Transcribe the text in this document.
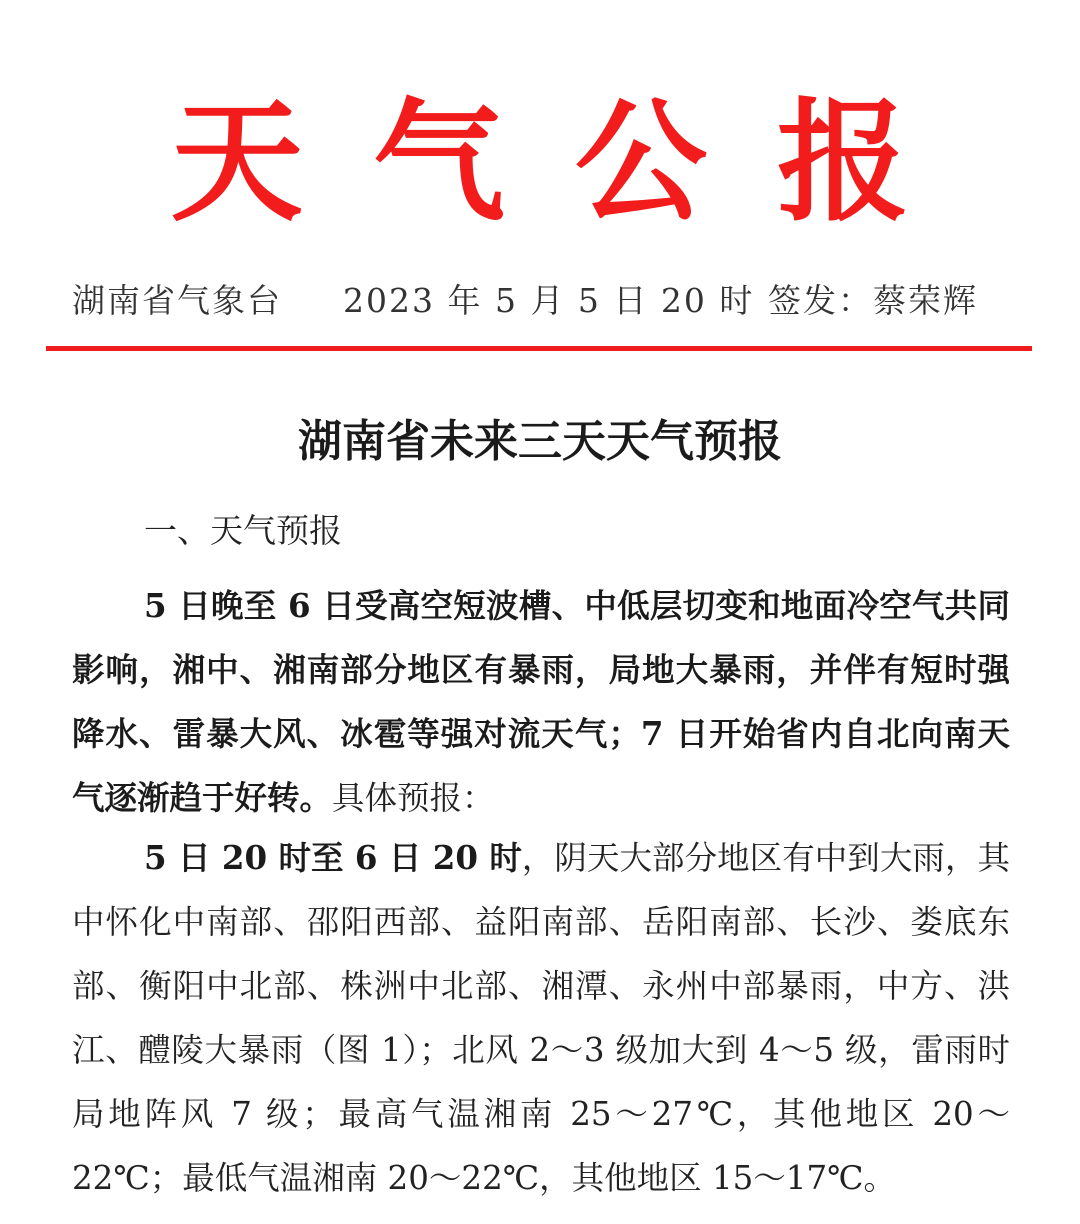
天气公报
湖南省气象台 2023 年 5 月 5 日 20 时 签发：蔡荣辉
湖南省未来三天天气预报
一、天气预报

5 日晚至 6 日受高空短波槽、中低层切变和地面冷空气共同影响，湘中、湘南部分地区有暴雨，局地大暴雨，并伴有短时强降水、雷暴大风、冰雹等强对流天气；7 日开始省内自北向南天气逐渐趋于好转。具体预报：

5 日 20 时至 6 日 20 时，阴天大部分地区有中到大雨，其中怀化中南部、邵阳西部、益阳南部、岳阳南部、长沙、娄底东部、衡阳中北部、株洲中北部、湘潭、永州中部暴雨，中方、洪江、醴陵大暴雨（图 1）；北风 2～3 级加大到 4～5 级，雷雨时局地阵风 7 级；最高气温湘南 25～27℃，其他地区 20～22℃；最低气温湘南 20～22℃，其他地区 15～17℃。
